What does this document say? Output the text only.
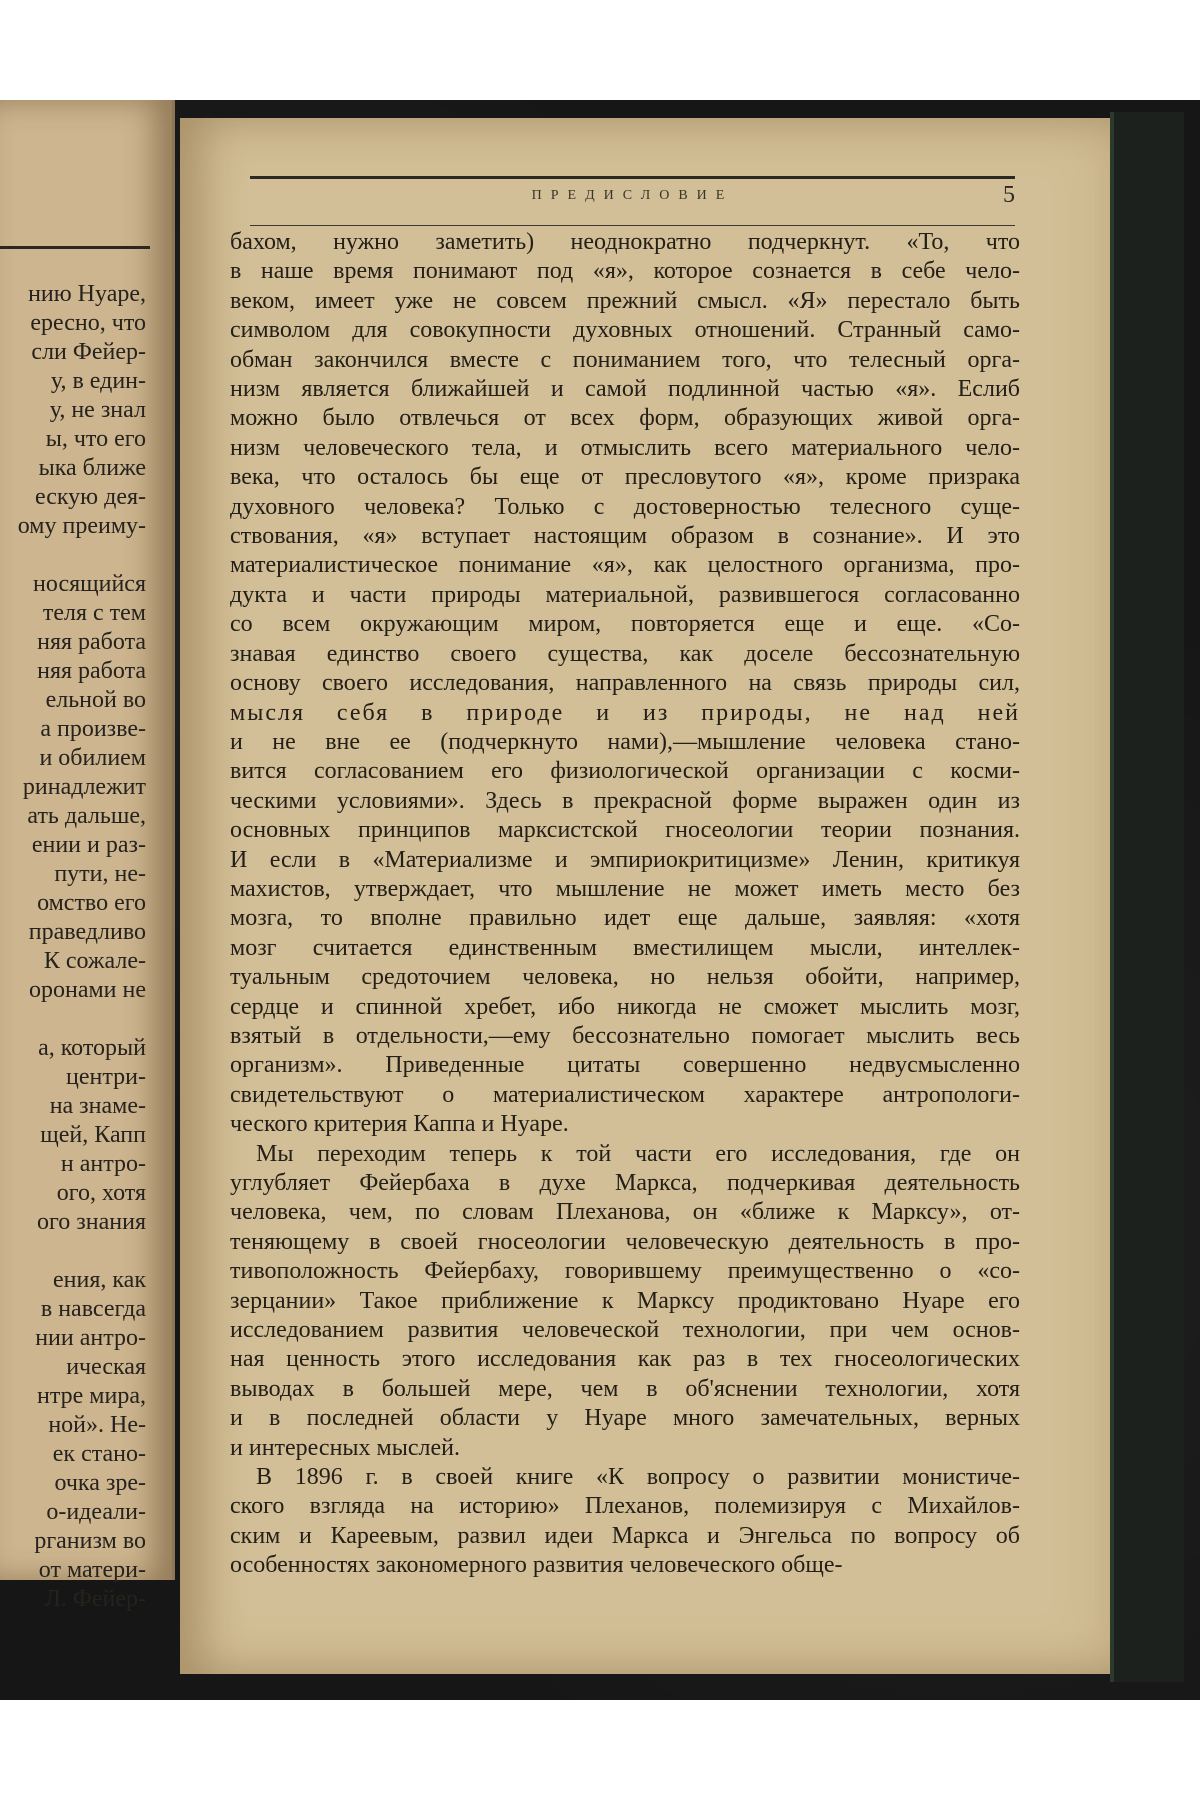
нию Нуаре,
ересно, что
сли Фейер-
у, в един-
у, не знал
ы, что его
ыка ближе
ескую дея-
ому преиму-
носящийся
теля с тем
няя работа
няя работа
ельной во
а произве-
и обилием
ринадлежит
ать дальше,
ении и раз-
пути, не-
омство его
праведливо
К сожале-
оронами не
а, который
центри-
на знаме-
щей, Капп
н антро-
ого, хотя
ого знания
ения, как
в навсегда
нии антро-
ическая
нтре мира,
ной». Не-
ек стано-
очка зре-
о-идеали-
рганизм во
от матери-
Л. Фейер-
ПРЕДИСЛОВИЕ	5
бахом, нужно заметить) неоднократно подчеркнут. «То, что
в наше время понимают под «я», которое сознается в себе чело-
веком, имеет уже не совсем прежний смысл. «Я» перестало быть
символом для совокупности духовных отношений. Странный само-
обман закончился вместе с пониманием того, что телесный орга-
низм является ближайшей и самой подлинной частью «я». Еслиб
можно было отвлечься от всех форм, образующих живой орга-
низм человеческого тела, и отмыслить всего материального чело-
века, что осталось бы еще от пресловутого «я», кроме призрака
духовного человека? Только с достоверностью телесного суще-
ствования, «я» вступает настоящим образом в сознание». И это
материалистическое понимание «я», как целостного организма, про-
дукта и части природы материальной, развившегося согласованно
со всем окружающим миром, повторяется еще и еще. «Со-
знавая единство своего существа, как доселе бессознательную
основу своего исследования, направленного на связь природы сил,
мысля себя в природе и из природы, не над ней
и не вне ее (подчеркнуто нами),—мышление человека стано-
вится согласованием его физиологической организации с косми-
ческими условиями». Здесь в прекрасной форме выражен один из
основных принципов марксистской гносеологии теории познания.
И если в «Материализме и эмпириокритицизме» Ленин, критикуя
махистов, утверждает, что мышление не может иметь место без
мозга, то вполне правильно идет еще дальше, заявляя: «хотя
мозг считается единственным вместилищем мысли, интеллек-
туальным средоточием человека, но нельзя обойти, например,
сердце и спинной хребет, ибо никогда не сможет мыслить мозг,
взятый в отдельности,—ему бессознательно помогает мыслить весь
организм». Приведенные цитаты совершенно недвусмысленно
свидетельствуют о материалистическом характере антропологи-
ческого критерия Каппа и Нуаре.
Мы переходим теперь к той части его исследования, где он
углубляет Фейербаха в духе Маркса, подчеркивая деятельность
человека, чем, по словам Плеханова, он «ближе к Марксу», от-
теняющему в своей гносеологии человеческую деятельность в про-
тивоположность Фейербаху, говорившему преимущественно о «со-
зерцании» Такое приближение к Марксу продиктовано Нуаре его
исследованием развития человеческой технологии, при чем основ-
ная ценность этого исследования как раз в тех гносеологических
выводах в большей мере, чем в об'яснении технологии, хотя
и в последней области у Нуаре много замечательных, верных
и интересных мыслей.
В 1896 г. в своей книге «К вопросу о развитии монистиче-
ского взгляда на историю» Плеханов, полемизируя с Михайлов-
ским и Кареевым, развил идеи Маркса и Энгельса по вопросу об
особенностях закономерного развития человеческого обще-
